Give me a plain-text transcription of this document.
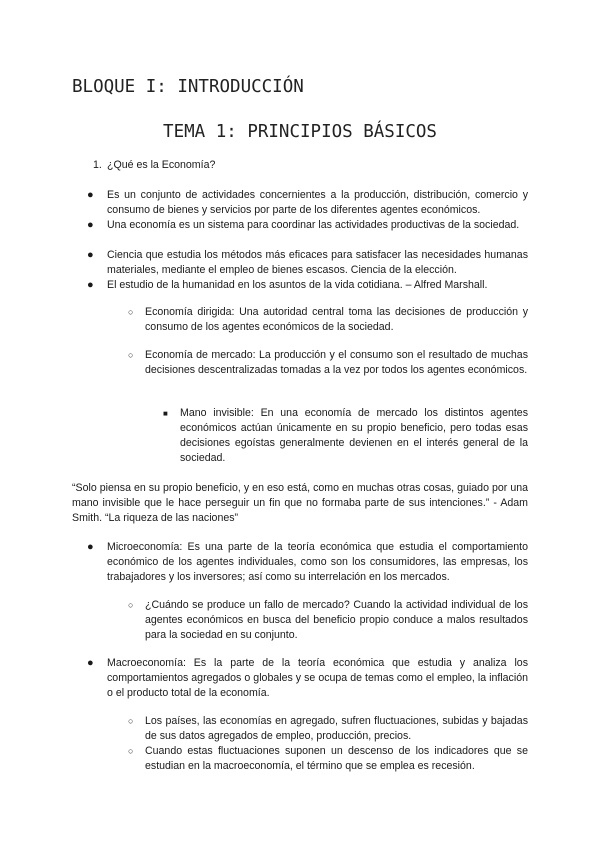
BLOQUE I: INTRODUCCIÓN
TEMA 1: PRINCIPIOS BÁSICOS
1. ¿Qué es la Economía?
● Es un conjunto de actividades concernientes a la producción, distribución, comercio y consumo de bienes y servicios por parte de los diferentes agentes económicos.
● Una economía es un sistema para coordinar las actividades productivas de la sociedad.
● Ciencia que estudia los métodos más eficaces para satisfacer las necesidades humanas materiales, mediante el empleo de bienes escasos. Ciencia de la elección.
● El estudio de la humanidad en los asuntos de la vida cotidiana. – Alfred Marshall.
○ Economía dirigida: Una autoridad central toma las decisiones de producción y consumo de los agentes económicos de la sociedad.
○ Economía de mercado: La producción y el consumo son el resultado de muchas decisiones descentralizadas tomadas a la vez por todos los agentes económicos.
■ Mano invisible: En una economía de mercado los distintos agentes económicos actúan únicamente en su propio beneficio, pero todas esas decisiones egoístas generalmente devienen en el interés general de la sociedad.
“Solo piensa en su propio beneficio, y en eso está, como en muchas otras cosas, guiado por una mano invisible que le hace perseguir un fin que no formaba parte de sus intenciones.” - Adam Smith. “La riqueza de las naciones”
● Microeconomía: Es una parte de la teoría económica que estudia el comportamiento económico de los agentes individuales, como son los consumidores, las empresas, los trabajadores y los inversores; así como su interrelación en los mercados.
○ ¿Cuándo se produce un fallo de mercado? Cuando la actividad individual de los agentes económicos en busca del beneficio propio conduce a malos resultados para la sociedad en su conjunto.
● Macroeconomía: Es la parte de la teoría económica que estudia y analiza los comportamientos agregados o globales y se ocupa de temas como el empleo, la inflación o el producto total de la economía.
○ Los países, las economías en agregado, sufren fluctuaciones, subidas y bajadas de sus datos agregados de empleo, producción, precios.
○ Cuando estas fluctuaciones suponen un descenso de los indicadores que se estudian en la macroeconomía, el término que se emplea es recesión.
